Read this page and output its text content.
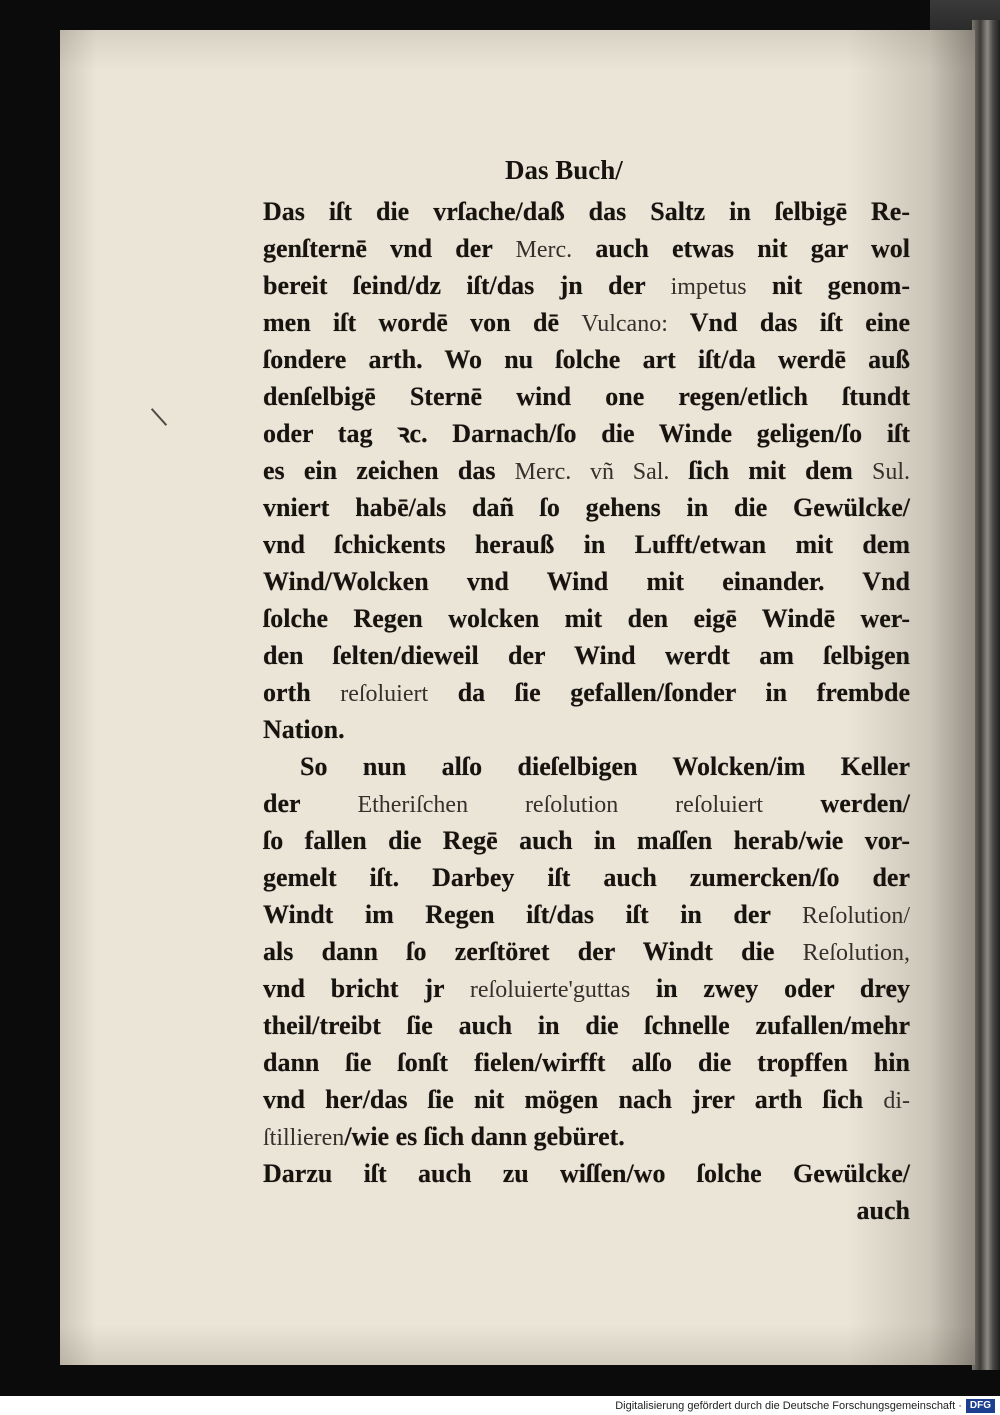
Das Buch/
Das iſt die vrſache/daß das Saltz in ſelbigē Re-
genſternē vnd der Merc. auch etwas nit gar wol
bereit ſeind/dz iſt/das jn der impetus nit genom-
men iſt wordē von dē Vulcano: Vnd das iſt eine
ſondere arth. Wo nu ſolche art iſt/da werdē auß
denſelbigē Sternē wind one regen/etlich ſtundt
oder tag ꝛc. Darnach/ſo die Winde geligen/ſo iſt
es ein zeichen das Merc. vñ Sal. ſich mit dem Sul.
vniert habē/als dañ ſo gehens in die Gewülcke/
vnd ſchickents herauß in Lufft/etwan mit dem
Wind/Wolcken vnd Wind mit einander. Vnd
ſolche Regen wolcken mit den eigē Windē wer-
den ſelten/dieweil der Wind werdt am ſelbigen
orth reſoluiert da ſie gefallen/ſonder in frembde
Nation.
So nun alſo dieſelbigen Wolcken/im Keller
der Etheriſchen reſolution reſoluiert werden/
ſo fallen die Regē auch in maſſen herab/wie vor-
gemelt iſt. Darbey iſt auch zumercken/ſo der
Windt im Regen iſt/das iſt in der Reſolution/
als dann ſo zerſtöret der Windt die Reſolution,
vnd bricht jr reſoluierte'guttas in zwey oder drey
theil/treibt ſie auch in die ſchnelle zufallen/mehr
dann ſie ſonſt fielen/wirfft alſo die tropffen hin
vnd her/das ſie nit mögen nach jrer arth ſich di-
ſtillieren/wie es ſich dann gebüret.
Darzu iſt auch zu wiſſen/wo ſolche Gewülcke/
auch
Digitalisierung gefördert durch die Deutsche Forschungsgemeinschaft · DFG
